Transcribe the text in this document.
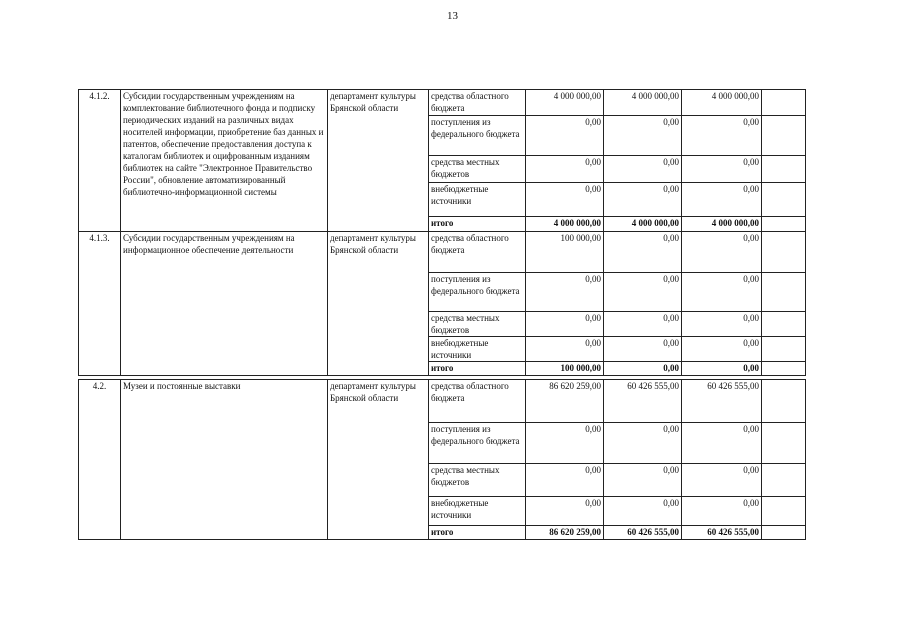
13
4.1.2.	Субсидии государственным учреждениям на комплектование библиотечного фонда и подписку периодических изданий на различных видах носителей информации, приобретение баз данных и патентов, обеспечение предоставления доступа к каталогам библиотек и оцифрованным изданиям библиотек на сайте "Электронное Правительство России", обновление автоматизированный библиотечно-информационной системы	департамент культуры Брянской области	средства областного бюджета	4 000 000,00	4 000 000,00	4 000 000,00	
			поступления из федерального бюджета	0,00	0,00	0,00	
			средства местных бюджетов	0,00	0,00	0,00	
			внебюджетные источники	0,00	0,00	0,00	
			итого	4 000 000,00	4 000 000,00	4 000 000,00	
4.1.3.	Субсидии государственным учреждениям на информационное обеспечение деятельности	департамент культуры Брянской области	средства областного бюджета	100 000,00	0,00	0,00	
			поступления из федерального бюджета	0,00	0,00	0,00	
			средства местных бюджетов	0,00	0,00	0,00	
			внебюджетные источники	0,00	0,00	0,00	
			итого	100 000,00	0,00	0,00	

4.2.	Музеи и постоянные выставки	департамент культуры Брянской области	средства областного бюджета	86 620 259,00	60 426 555,00	60 426 555,00	
			поступления из федерального бюджета	0,00	0,00	0,00	
			средства местных бюджетов	0,00	0,00	0,00	
			внебюджетные источники	0,00	0,00	0,00	
			итого	86 620 259,00	60 426 555,00	60 426 555,00	
